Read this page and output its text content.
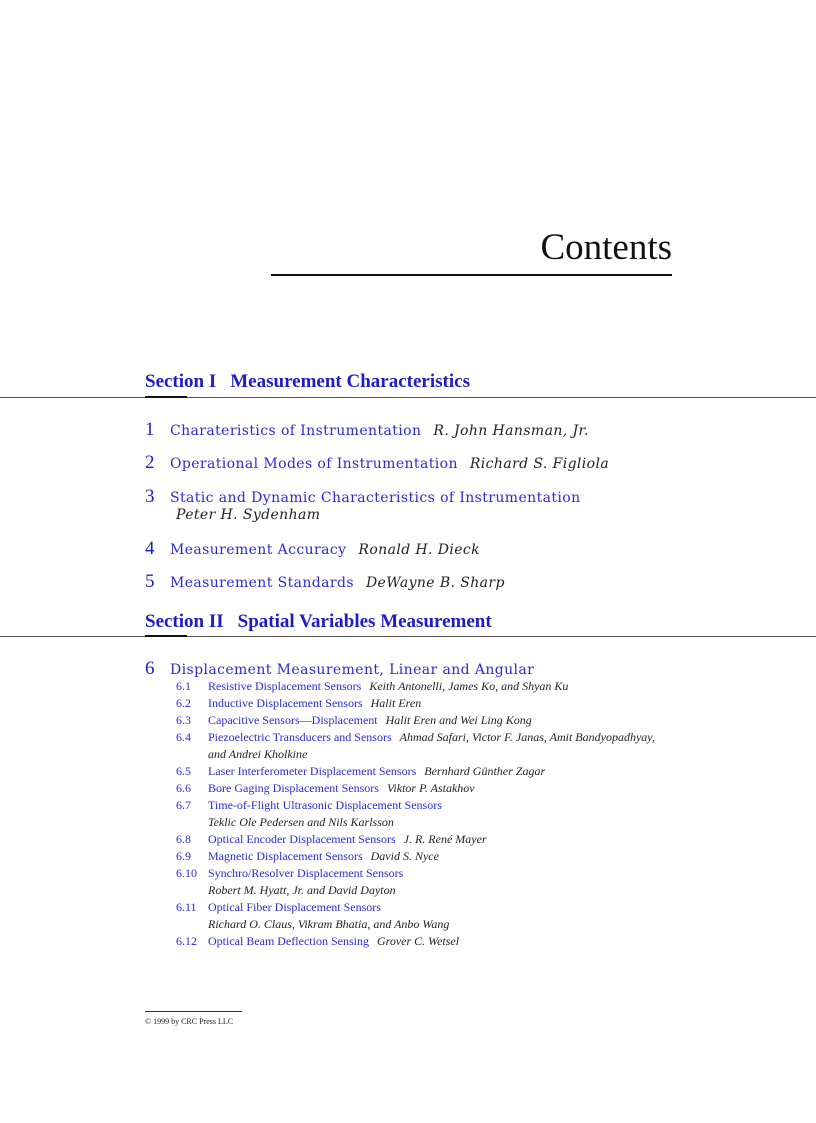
Contents
Section I Measurement Characteristics
1 Charateristics of Instrumentation R. John Hansman, Jr.
2 Operational Modes of Instrumentation Richard S. Figliola
3 Static and Dynamic Characteristics of Instrumentation
Peter H. Sydenham
4 Measurement Accuracy Ronald H. Dieck
5 Measurement Standards DeWayne B. Sharp
Section II Spatial Variables Measurement
6 Displacement Measurement, Linear and Angular
6.1 Resistive Displacement Sensors Keith Antonelli, James Ko, and Shyan Ku
6.2 Inductive Displacement Sensors Halit Eren
6.3 Capacitive Sensors—Displacement Halit Eren and Wei Ling Kong
6.4 Piezoelectric Transducers and Sensors Ahmad Safari, Victor F. Janas, Amit Bandyopadhyay,
and Andrei Kholkine
6.5 Laser Interferometer Displacement Sensors Bernhard Günther Zagar
6.6 Bore Gaging Displacement Sensors Viktor P. Astakhov
6.7 Time-of-Flight Ultrasonic Displacement Sensors
Teklic Ole Pedersen and Nils Karlsson
6.8 Optical Encoder Displacement Sensors J. R. René Mayer
6.9 Magnetic Displacement Sensors David S. Nyce
6.10 Synchro/Resolver Displacement Sensors
Robert M. Hyatt, Jr. and David Dayton
6.11 Optical Fiber Displacement Sensors
Richard O. Claus, Vikram Bhatia, and Anbo Wang
6.12 Optical Beam Deflection Sensing Grover C. Wetsel
© 1999 by CRC Press LLC
